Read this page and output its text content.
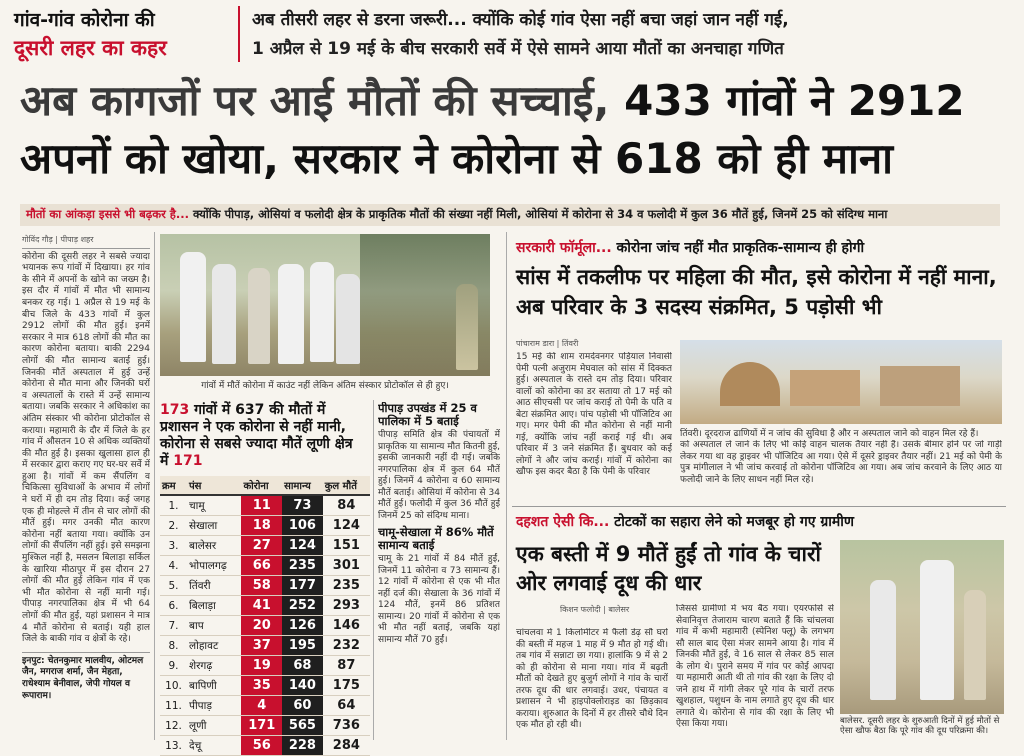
गांव-गांव कोरोना की
दूसरी लहर का कहर
अब तीसरी लहर से डरना जरूरी... क्योंकि कोई गांव ऐसा नहीं बचा जहां जान नहीं गई,
1 अप्रैल से 19 मई के बीच सरकारी सर्वे में ऐसे सामने आया मौतों का अनचाहा गणित
अब कागजों पर आई मौतों की सच्चाई, 433 गांवों ने 2912 अपनों को खोया, सरकार ने कोरोना से 618 को ही माना
मौतों का आंकड़ा इससे भी बढ़कर है... क्योंकि पीपाड़, ओसियां व फलोदी क्षेत्र के प्राकृतिक मौतों की संख्या नहीं मिली, ओसियां में कोरोना से 34 व फलोदी में कुल 36 मौतें हुई, जिनमें 25 को संदिग्ध माना
गोविंद गौड़ | पीपाड़ शहर
कोरोना की दूसरी लहर ने सबसे ज्यादा भयानक रूप गांवों में दिखाया। हर गांव के सीने में अपनों के खोने का जख्म है। इस दौर में गांवों में मौत भी सामान्य बनकर रह गई। 1 अप्रैल से 19 मई के बीच जिले के 433 गांवों में कुल 2912 लोगों की मौत हुई। इनमें सरकार ने मात्र 618 लोगों की मौत का कारण कोरोना बताया। बाकी 2294 लोगों की मौत सामान्य बताई हुई। जिनकी मौतें अस्पताल में हुई उन्हें कोरोना से मौत माना और जिनकी घरों व अस्पतालों के रास्ते में उन्हें सामान्य बताया। जबकि सरकार ने अधिकांश का अंतिम संस्कार भी कोरोना प्रोटोकॉल से कराया। महामारी के दौर में जिले के हर गांव में औसतन 10 से अधिक व्यक्तियों की मौत हुई है। इसका खुलासा हाल ही में सरकार द्वारा कराए गए घर-घर सर्वे में हुआ है। गांवों में कम सैंपलिंग व चिकित्सा सुविधाओं के अभाव में लोगों ने घरों में ही दम तोड़ दिया। कई जगह एक ही मोहल्ले में तीन से चार लोगों की मौतें हुई। मगर उनकी मौत कारण कोरोना नहीं बताया गया। क्योंकि उन लोगों की सैंपलिंग नहीं हुई। इसे समझना मुश्किल नहीं है, मसलन बिलाड़ा सर्किल के खारिया मीठापुर में इस दौरान 27 लोगों की मौत हुई लेकिन गांव में एक भी मौत कोरोना से नहीं मानी गई। पीपाड़ नगरपालिका क्षेत्र में भी 64 लोगों की मौत हुई, यहां प्रशासन ने मात्र 4 मौतें कोरोना से बताई। यही हाल जिले के बाकी गांव व क्षेत्रों के रहे।
इनपुट: चेतनकुमार मालवीय, ओटमल जैन, मगराज शर्मा, जैन मेहता, राधेश्याम बेनीवाल, जेपी गोयल व रूपाराम।
गांवों में मौतें कोरोना में काउंट नहीं लेकिन अंतिम संस्कार प्रोटोकॉल से ही हुए।
173 गांवों में 637 की मौतों में प्रशासन ने एक कोरोना से नहीं मानी, कोरोना से सबसे ज्यादा मौतें लूणी क्षेत्र में 171
क्रम	पंस	कोरोना	सामान्य	कुल मौतें
1.	चामू	11	73	84
2.	सेखाला	18	106	124
3.	बालेसर	27	124	151
4.	भोपालगढ़	66	235	301
5.	तिंवरी	58	177	235
6.	बिलाड़ा	41	252	293
7.	बाप	20	126	146
8.	लोहावट	37	195	232
9.	शेरगढ़	19	68	87
10.	बापिणी	35	140	175
11.	पीपाड़	4	60	64
12.	लूणी	171	565	736
13.	देचू	56	228	284
पीपाड़ उपखंड में 25 व पालिका में 5 बताई

पीपाड़ समिति क्षेत्र की पंचायतों में प्राकृतिक या सामान्य मौत कितनी हुई, इसकी जानकारी नहीं दी गई। जबकि नगरपालिका क्षेत्र में कुल 64 मौतें हुई। जिनमें 4 कोरोना व 60 सामान्य मौतें बताई। ओसियां में कोरोना से 34 मौतें हुई। फलोदी में कुल 36 मौतें हुई जिनमें 25 को संदिग्ध माना।

चामू-सेखाला में 86% मौतें सामान्य बताई

चामू के 21 गांवों में 84 मौतें हुईं, जिनमें 11 कोरोना व 73 सामान्य हैं। 12 गांवों में कोरोना से एक भी मौत नहीं दर्ज की। सेखाला के 36 गांवों में 124 मौतें, इनमें 86 प्रतिशत सामान्य। 20 गांवों में कोरोना से एक भी मौत नहीं बताई, जबकि यहां सामान्य मौतें 70 हुईं।

सरकारी फॉर्मूला... कोरोना जांच नहीं मौत प्राकृतिक-सामान्य ही होगी
सांस में तकलीफ पर महिला की मौत, इसे कोरोना में नहीं माना, अब परिवार के 3 सदस्य संक्रमित, 5 पड़ोसी भी
पांचाराम डारा | तिंवरी
15 मई की शाम रामदेवनगर पड़ियाल निवासी पेमी पत्नी अजुराम मेघवाल को सांस में दिक्कत हुई। अस्पताल के रास्ते दम तोड़ दिया। परिवार वालों को कोरोना का डर सताया तो 17 मई को आठ सीएचसी पर जांच कराई तो पेमी के पति व बेटा संक्रमित आए। पांच पड़ोसी भी पॉजिटिव आ गए। मगर पेमी की मौत कोरोना से नहीं मानी गई, क्योंकि जांच नहीं कराई गई थी। अब परिवार में 3 जने संक्रमित हैं। बुधवार को कई लोगों ने और जांच कराई। गांवों में कोरोना का खौफ इस कदर बैठा है कि पेमी के परिवार
तिंवरी। दूरदराज ढाणियों में न जांच की सुविधा है और न अस्पताल जाने को वाहन मिल रहे हैं।
को अस्पताल ले जाने के लिए भी कोई वाहन चालक तैयार नहीं है। उसके बीमार होने पर जो गाड़ी लेकर गया था वह ड्राइवर भी पॉजिटिव आ गया। ऐसे में दूसरे ड्राइवर तैयार नहीं। 21 मई को पेमी के पुत्र मांगीलाल ने भी जांच करवाई तो कोरोना पॉजिटिव आ गया। अब जांच करवाने के लिए आठ या फलोदी जाने के लिए साधन नहीं मिल रहे।
दहशत ऐसी कि... टोटकों का सहारा लेने को मजबूर हो गए ग्रामीण
एक बस्ती में 9 मौतें हुईं तो गांव के चारों ओर लगवाई दूध की धार
किशन फलोदी | बालेसर
चांचलवा में 1 किलोमीटर में फैली डेढ़ सौ घरों की बस्ती में महज 1 माह में 9 मौत हो गई थी। तब गांव में सन्नाटा छा गया। हालांकि 9 में से 2 को ही कोरोना से माना गया। गांव में बढ़ती मौतों को देखते हुए बुजुर्ग लोगों ने गांव के चारों तरफ दूध की धार लगवाई। उधर, पंचायत व प्रशासन ने भी हाइपोक्लोराइड का छिड़काव कराया। शुरुआत के दिनों में हर तीसरे चौथे दिन एक मौत हो रही थी।
जिससे ग्रामीणों में भय बैठ गया। एयरफोर्स से सेवानिवृत्त तेजाराम चारण बताते हैं कि चांचलवा गांव में कभी महामारी (स्पेनिश फ्लू) के लगभग सौ साल बाद ऐसा मंजर सामने आया है। गांव में जिनकी मौतें हुई, वे 16 साल से लेकर 85 साल के लोग थे। पुराने समय में गांव पर कोई आपदा या महामारी आती थी तो गांव की रक्षा के लिए दो जने हाथ में गांगी लेकर पूरे गांव के चारों तरफ खुशहाल, पशुधन के नाम लगाते हुए दूध की धार लगाते थे। कोरोना से गांव की रक्षा के लिए भी ऐसा किया गया।	बालेसर. दूसरी लहर के शुरुआती दिनों में हुई मौतों से ऐसा खौफ बैठा कि पूरे गांव की दूध परिक्रमा की।
